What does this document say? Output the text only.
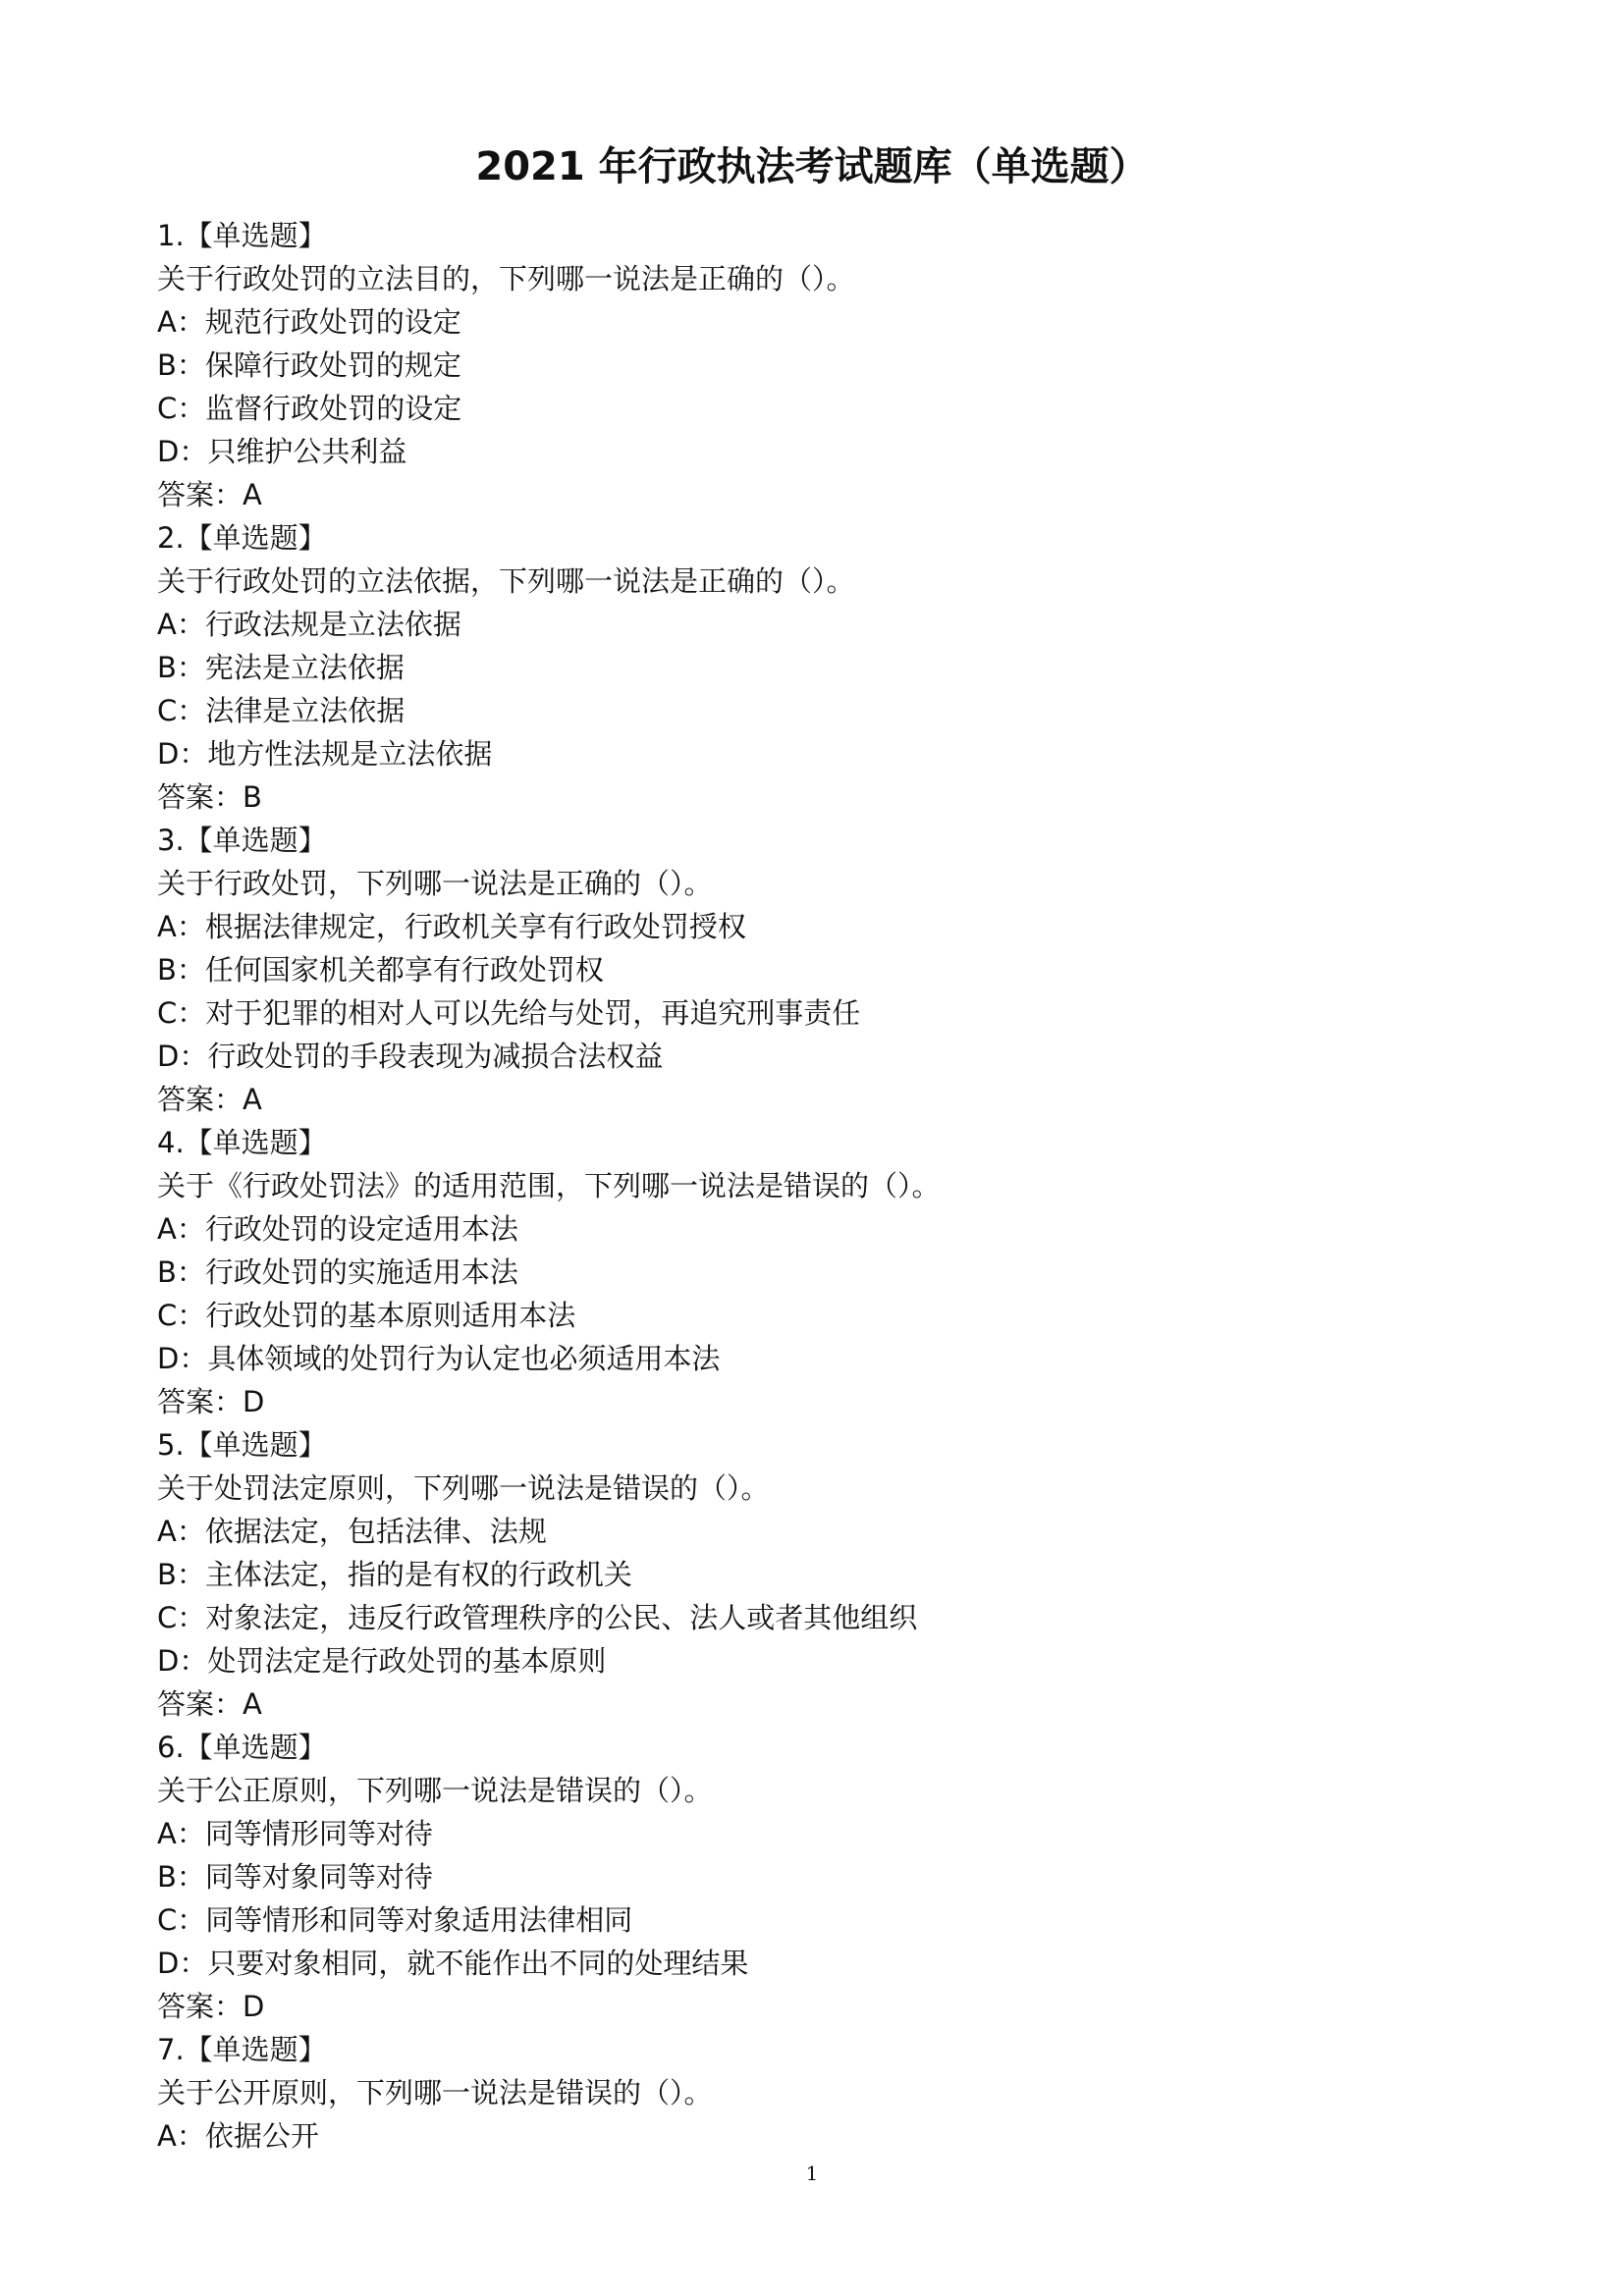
2021 年行政执法考试题库（单选题）

1.【单选题】

关于行政处罚的立法目的，下列哪一说法是正确的（）。

A：规范行政处罚的设定

B：保障行政处罚的规定

C：监督行政处罚的设定

D：只维护公共利益

答案：A

2.【单选题】

关于行政处罚的立法依据，下列哪一说法是正确的（）。

A：行政法规是立法依据

B：宪法是立法依据

C：法律是立法依据

D：地方性法规是立法依据

答案：B

3.【单选题】

关于行政处罚，下列哪一说法是正确的（）。

A：根据法律规定，行政机关享有行政处罚授权

B：任何国家机关都享有行政处罚权

C：对于犯罪的相对人可以先给与处罚，再追究刑事责任

D：行政处罚的手段表现为减损合法权益

答案：A

4.【单选题】

关于《行政处罚法》的适用范围，下列哪一说法是错误的（）。

A：行政处罚的设定适用本法

B：行政处罚的实施适用本法

C：行政处罚的基本原则适用本法

D：具体领域的处罚行为认定也必须适用本法

答案：D

5.【单选题】

关于处罚法定原则，下列哪一说法是错误的（）。

A：依据法定，包括法律、法规

B：主体法定，指的是有权的行政机关

C：对象法定，违反行政管理秩序的公民、法人或者其他组织

D：处罚法定是行政处罚的基本原则

答案：A

6.【单选题】

关于公正原则，下列哪一说法是错误的（）。

A：同等情形同等对待

B：同等对象同等对待

C：同等情形和同等对象适用法律相同

D：只要对象相同，就不能作出不同的处理结果

答案：D

7.【单选题】

关于公开原则，下列哪一说法是错误的（）。

A：依据公开

1
